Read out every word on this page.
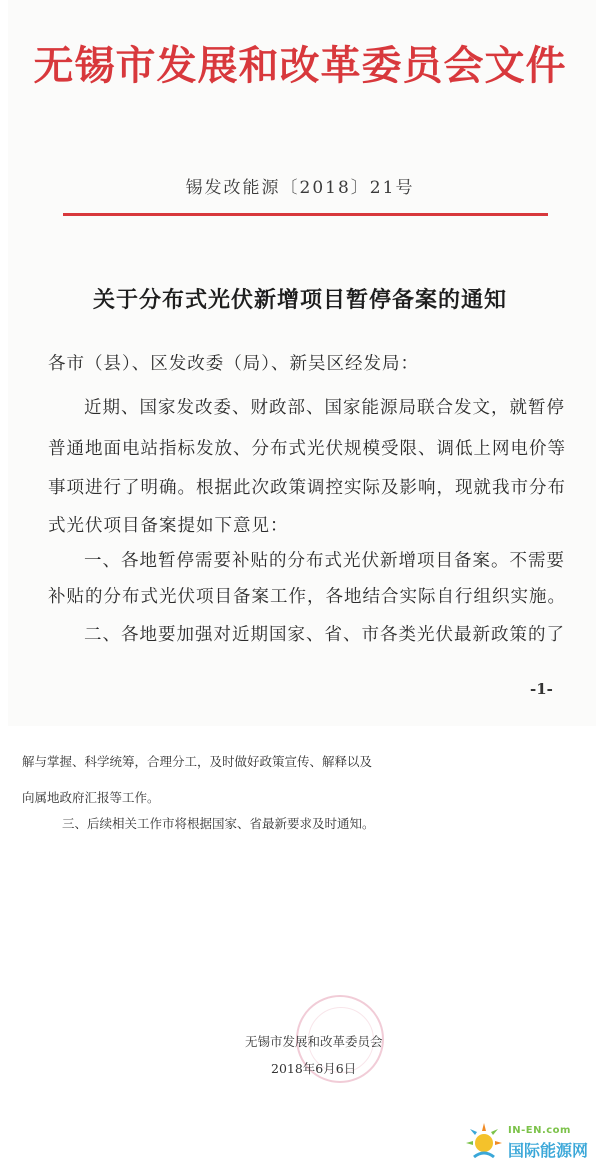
无锡市发展和改革委员会文件
锡发改能源〔2018〕21号
关于分布式光伏新增项目暂停备案的通知
各市（县）、区发改委（局）、新吴区经发局：
近期、国家发改委、财政部、国家能源局联合发文，就暂停
普通地面电站指标发放、分布式光伏规模受限、调低上网电价等
事项进行了明确。根据此次政策调控实际及影响，现就我市分布
式光伏项目备案提如下意见：
一、各地暂停需要补贴的分布式光伏新增项目备案。不需要
补贴的分布式光伏项目备案工作，各地结合实际自行组织实施。
二、各地要加强对近期国家、省、市各类光伏最新政策的了
-1-
解与掌握、科学统筹，合理分工，及时做好政策宣传、解释以及
向属地政府汇报等工作。
三、后续相关工作市将根据国家、省最新要求及时通知。
无锡市发展和改革委员会
2018年6月6日
IN-EN.com
国际能源网
